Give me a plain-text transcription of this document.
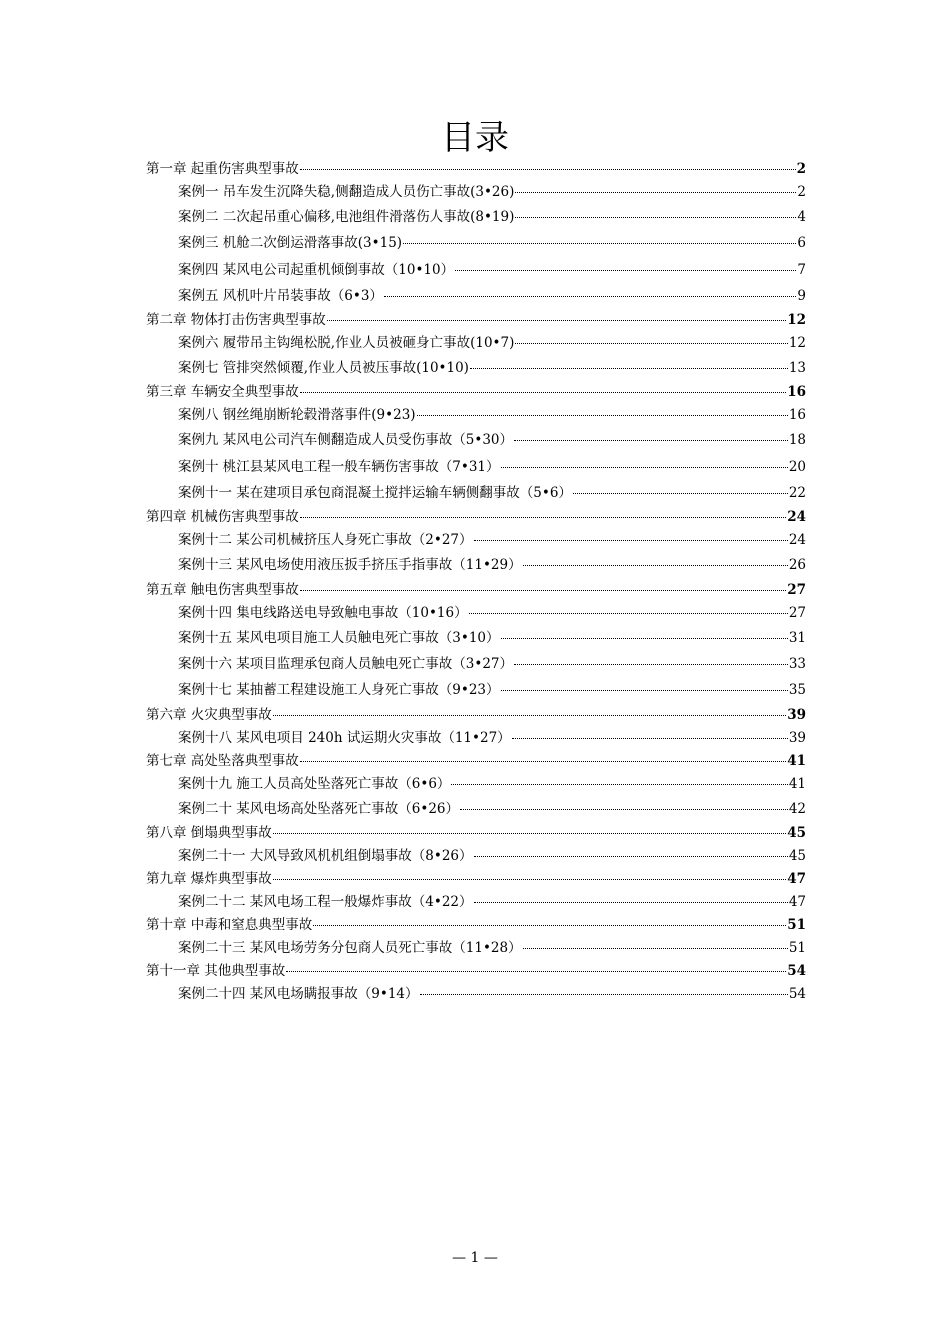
目录
第一章 起重伤害典型事故	2
案例一 吊车发生沉降失稳,侧翻造成人员伤亡事故(3•26)	2
案例二 二次起吊重心偏移,电池组件滑落伤人事故(8•19)	4
案例三 机舱二次倒运滑落事故(3•15)	6
案例四 某风电公司起重机倾倒事故（10•10）	7
案例五 风机叶片吊装事故（6•3）	9
第二章 物体打击伤害典型事故	12
案例六 履带吊主钩绳松脱,作业人员被砸身亡事故(10•7)	12
案例七 管排突然倾覆,作业人员被压事故(10•10)	13
第三章 车辆安全典型事故	16
案例八 钢丝绳崩断轮毂滑落事件(9•23)	16
案例九 某风电公司汽车侧翻造成人员受伤事故（5•30）	18
案例十 桃江县某风电工程一般车辆伤害事故（7•31）	20
案例十一 某在建项目承包商混凝土搅拌运输车辆侧翻事故（5•6）	22
第四章 机械伤害典型事故	24
案例十二 某公司机械挤压人身死亡事故（2•27）	24
案例十三 某风电场使用液压扳手挤压手指事故（11•29）	26
第五章 触电伤害典型事故	27
案例十四 集电线路送电导致触电事故（10•16）	27
案例十五 某风电项目施工人员触电死亡事故（3•10）	31
案例十六 某项目监理承包商人员触电死亡事故（3•27）	33
案例十七 某抽蓄工程建设施工人身死亡事故（9•23）	35
第六章 火灾典型事故	39
案例十八 某风电项目 240h 试运期火灾事故（11•27）	39
第七章 高处坠落典型事故	41
案例十九 施工人员高处坠落死亡事故（6•6）	41
案例二十 某风电场高处坠落死亡事故（6•26）	42
第八章 倒塌典型事故	45
案例二十一 大风导致风机机组倒塌事故（8•26）	45
第九章 爆炸典型事故	47
案例二十二 某风电场工程一般爆炸事故（4•22）	47
第十章 中毒和窒息典型事故	51
案例二十三 某风电场劳务分包商人员死亡事故（11•28）	51
第十一章 其他典型事故	54
案例二十四 某风电场瞒报事故（9•14）	54
— 1 —
